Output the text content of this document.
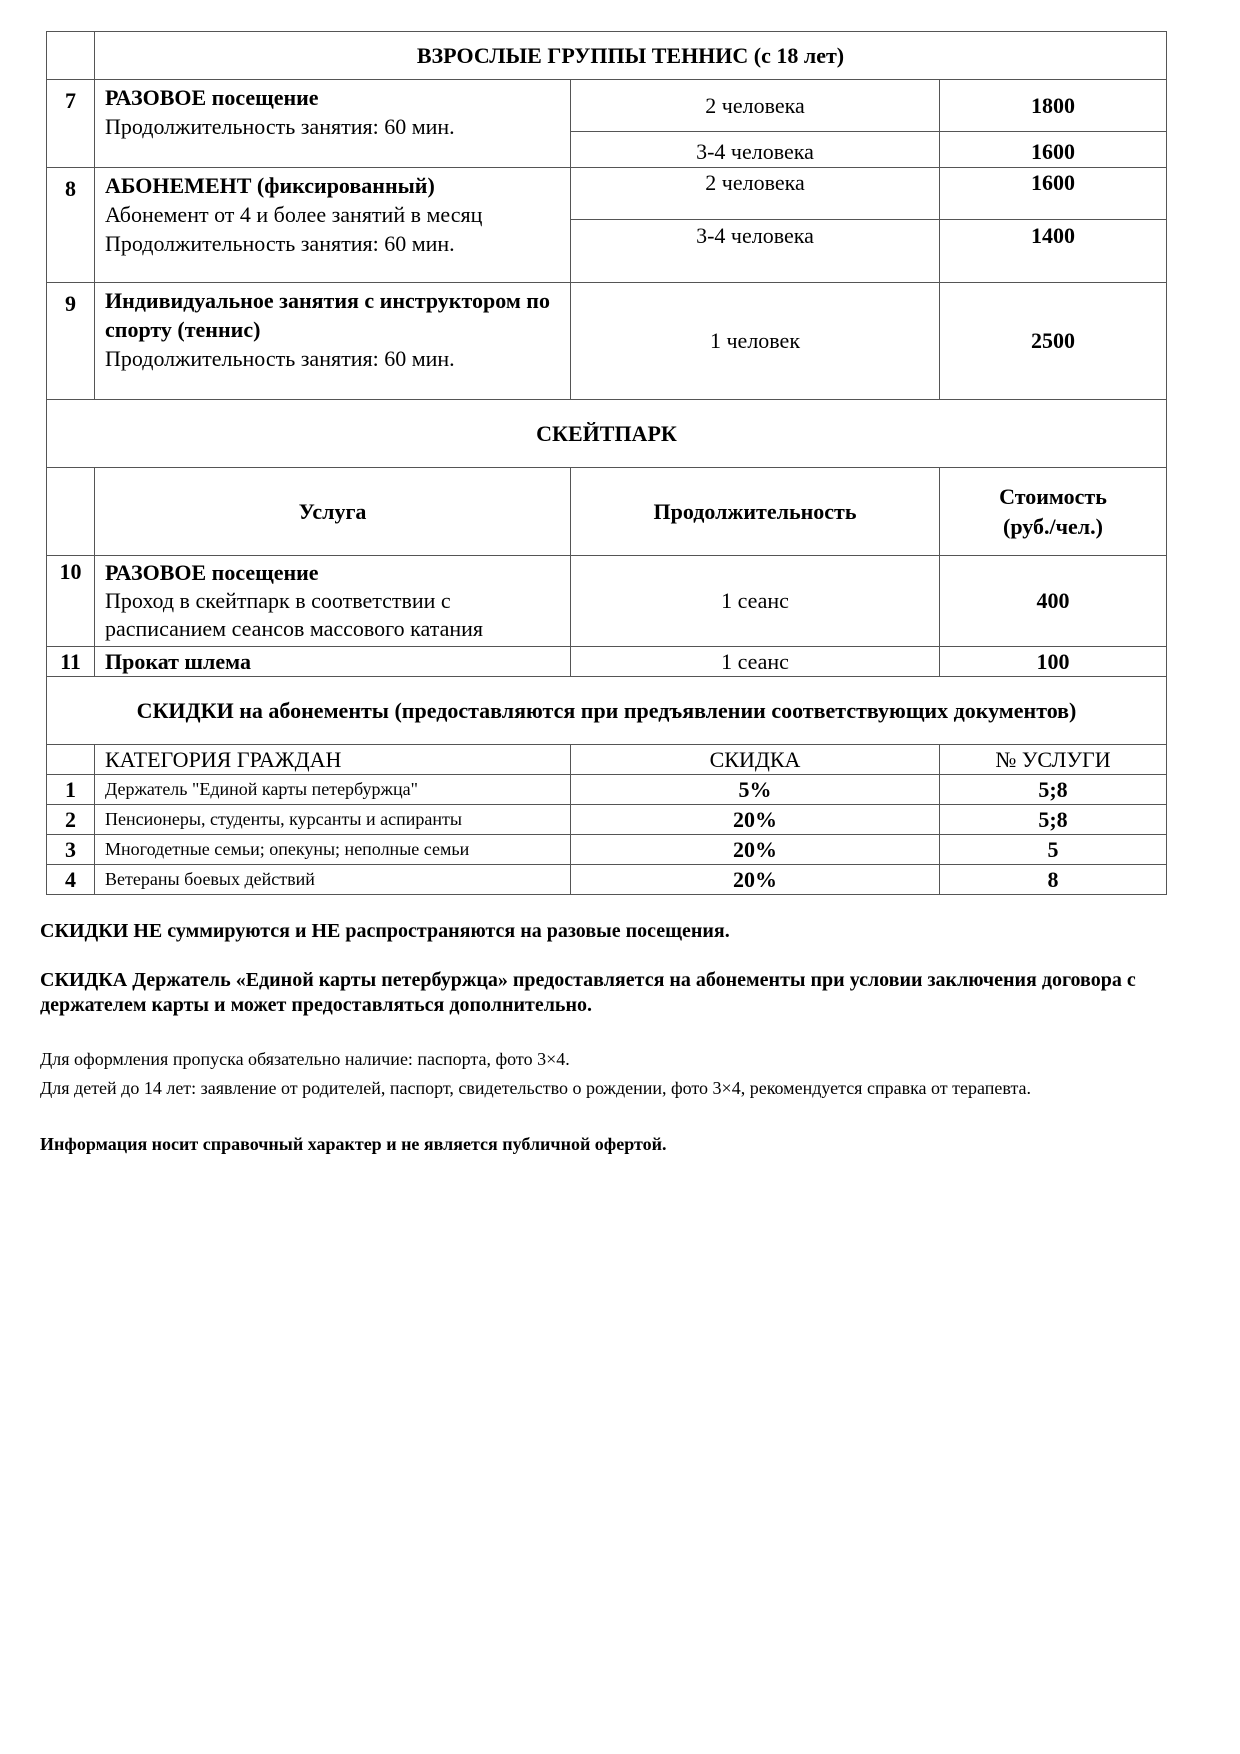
	ВЗРОСЛЫЕ ГРУППЫ ТЕННИС (с 18 лет)		
7	РАЗОВОЕ посещение
Продолжительность занятия: 60 мин.	2 человека	1800
		3-4 человека	1600
8	АБОНЕМЕНТ (фиксированный)
Абонемент от 4 и более занятий в месяц
Продолжительность занятия: 60 мин.	2 человека	1600
		3-4 человека	1400
9	Индивидуальное занятия с инструктором по спорту (теннис)
Продолжительность занятия: 60 мин.	1 человек	2500
СКЕЙТПАРК			
	Услуга	Продолжительность	Стоимость (руб./чел.)
10	РАЗОВОЕ посещение
Проход в скейтпарк в соответствии с расписанием сеансов массового катания	1 сеанс	400
11	Прокат шлема	1 сеанс	100
СКИДКИ на абонементы (предоставляются при предъявлении соответствующих документов)			
	КАТЕГОРИЯ ГРАЖДАН	СКИДКА	№ УСЛУГИ
1	Держатель "Единой карты петербуржца"	5%	5;8
2	Пенсионеры, студенты, курсанты и аспиранты	20%	5;8
3	Многодетные семьи; опекуны; неполные семьи	20%	5
4	Ветераны боевых действий	20%	8

СКИДКИ НЕ суммируются и НЕ распространяются на разовые посещения.

СКИДКА Держатель «Единой карты петербуржца» предоставляется на абонементы при условии заключения договора с держателем карты и может предоставляться дополнительно.

Для оформления пропуска обязательно наличие: паспорта, фото 3×4.

Для детей до 14 лет: заявление от родителей, паспорт, свидетельство о рождении, фото 3×4, рекомендуется справка от терапевта.

Информация носит справочный характер и не является публичной офертой.
